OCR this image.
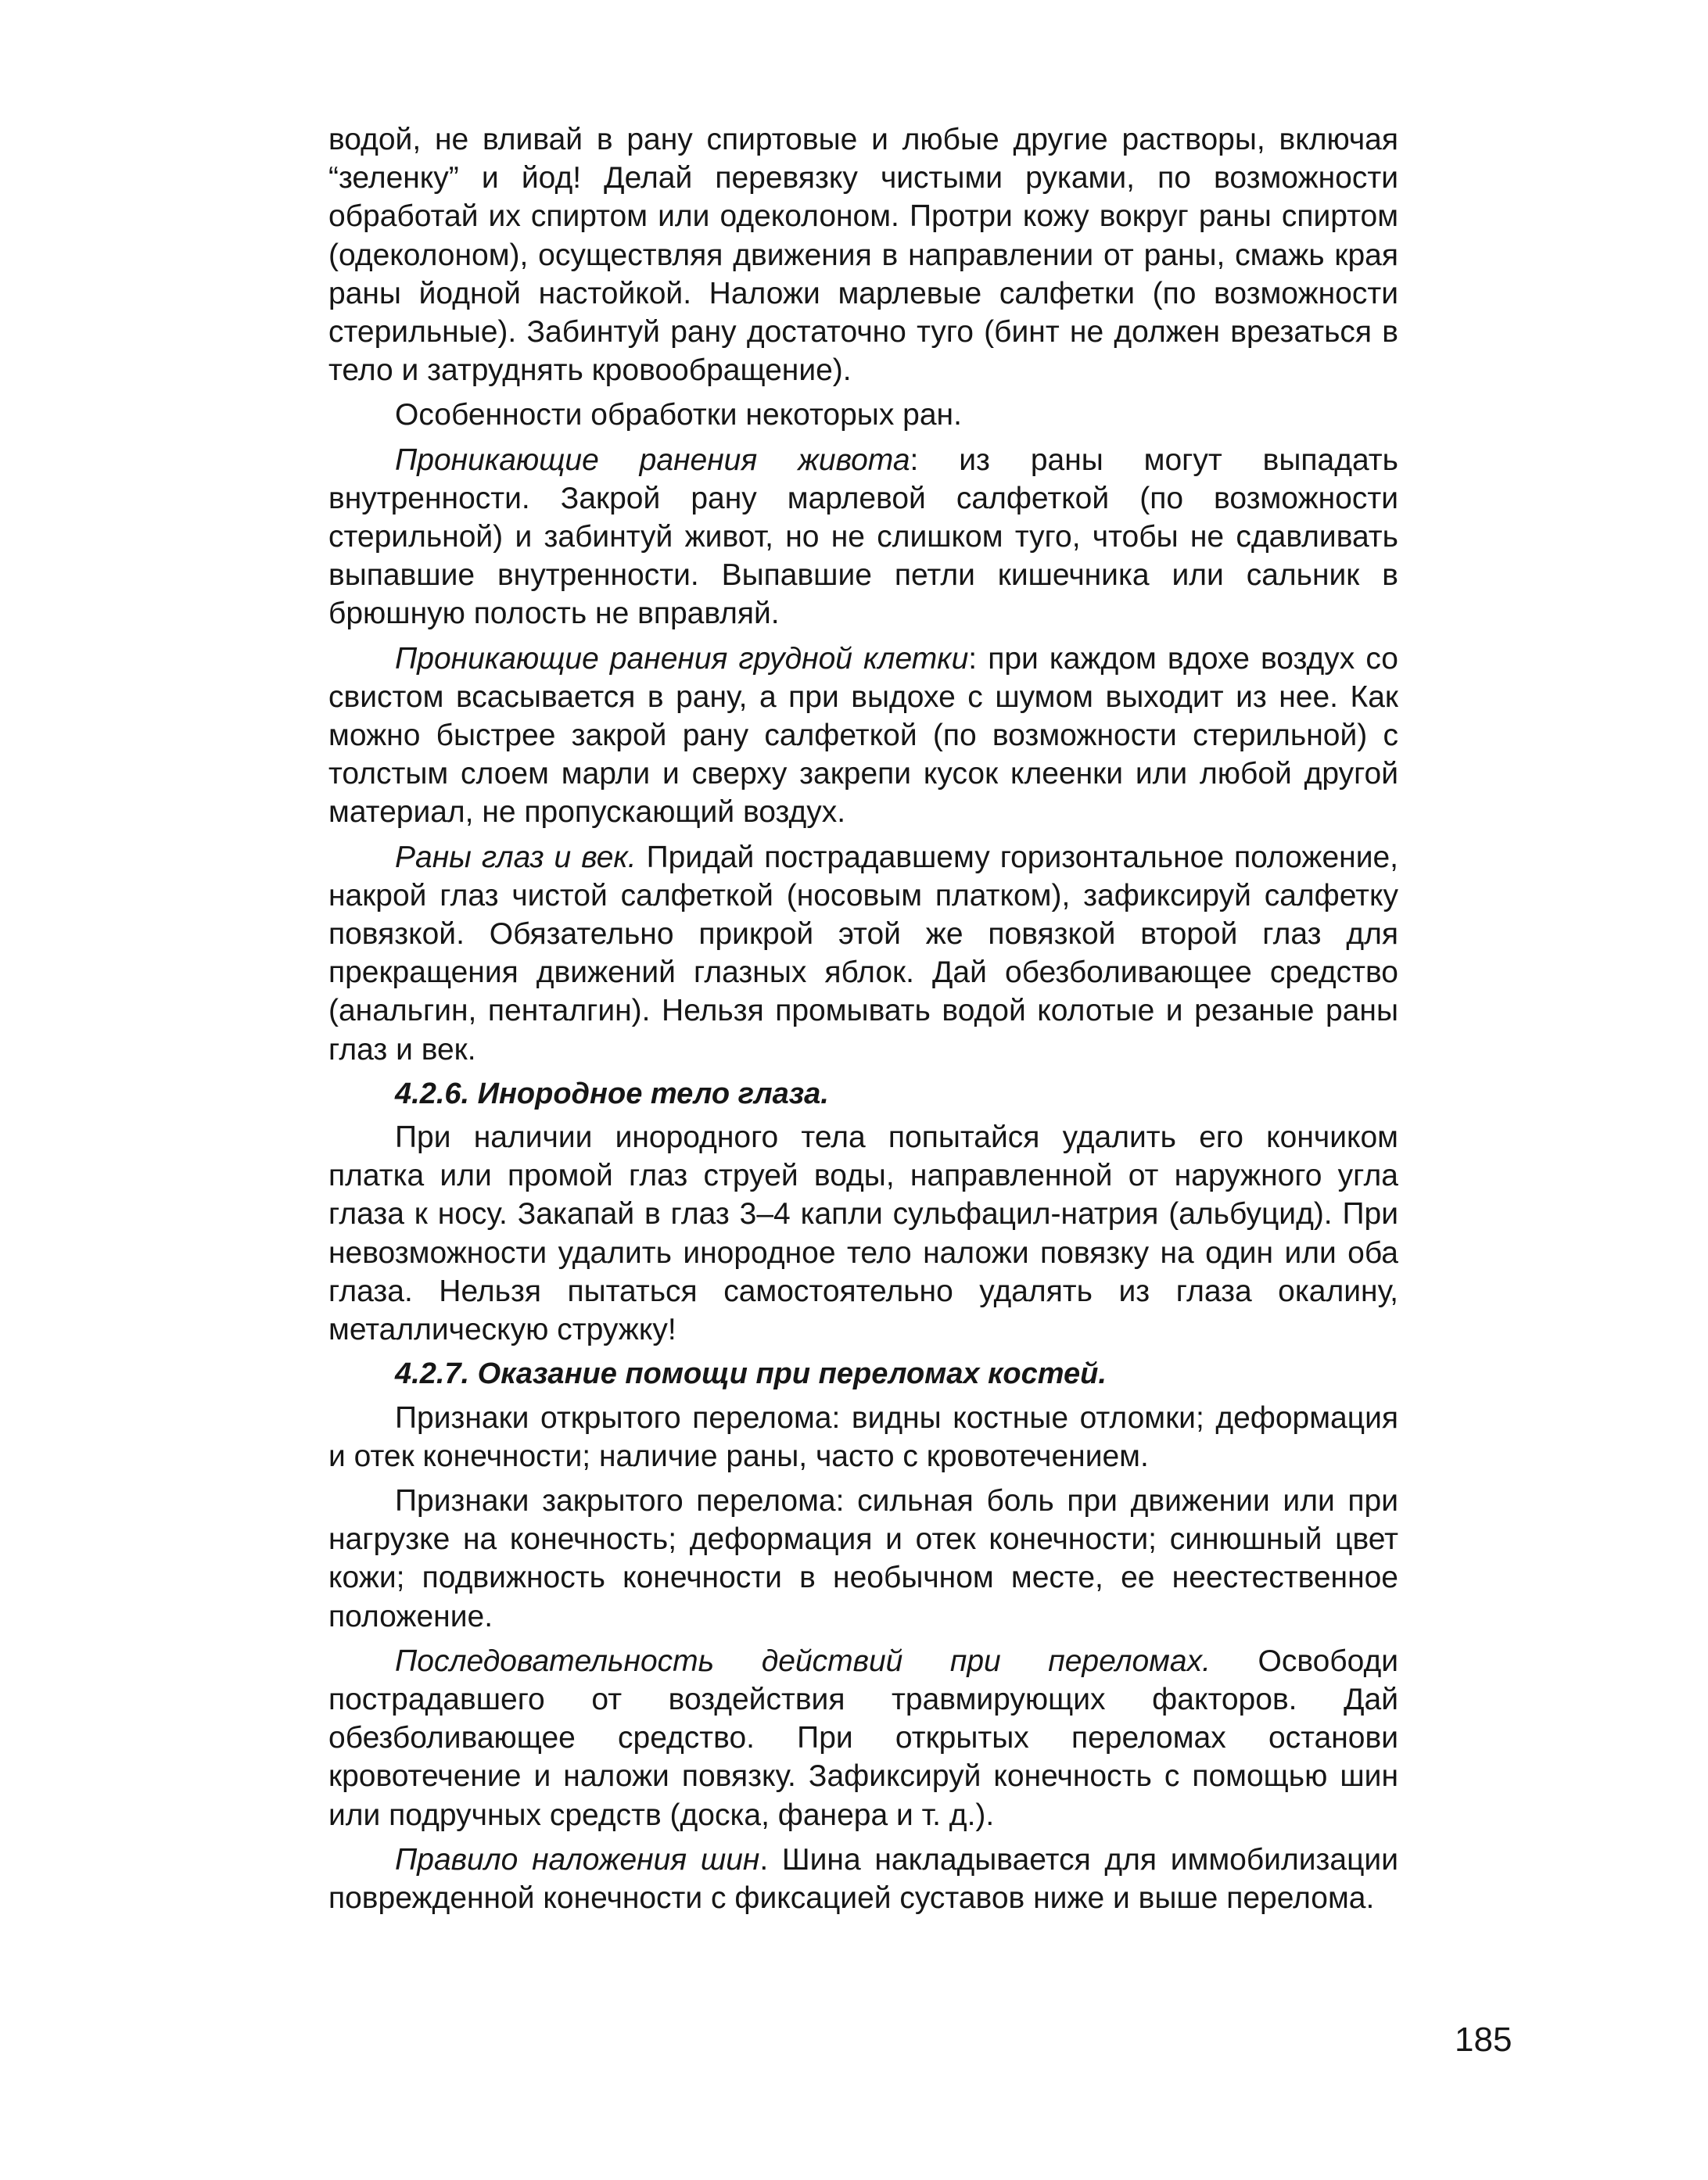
водой, не вливай в рану спиртовые и любые другие растворы, включая “зеленку” и йод! Делай перевязку чистыми руками, по возможности обработай их спиртом или одеколоном. Протри кожу вокруг раны спиртом (одеколоном), осуществляя движения в направлении от раны, смажь края раны йодной настойкой. Наложи марлевые салфетки (по возможности стерильные). Забинтуй рану достаточно туго (бинт не должен врезаться в тело и затруднять кровообращение).

Особенности обработки некоторых ран.

Проникающие ранения живота: из раны могут выпадать внутренности. Закрой рану марлевой салфеткой (по возможности стерильной) и забинтуй живот, но не слишком туго, чтобы не сдавливать выпавшие внутренности. Выпавшие петли кишечника или сальник в брюшную полость не вправляй.

Проникающие ранения грудной клетки: при каждом вдохе воздух со свистом всасывается в рану, а при выдохе с шумом выходит из нее. Как можно быстрее закрой рану салфеткой (по возможности стерильной) с толстым слоем марли и сверху закрепи кусок клеенки или любой другой материал, не пропускающий воздух.

Раны глаз и век. Придай пострадавшему горизонтальное положение, накрой глаз чистой салфеткой (носовым платком), зафиксируй салфетку повязкой. Обязательно прикрой этой же повязкой второй глаз для прекращения движений глазных яблок. Дай обезболивающее средство (анальгин, пенталгин). Нельзя промывать водой колотые и резаные раны глаз и век.

4.2.6. Инородное тело глаза.

При наличии инородного тела попытайся удалить его кончиком платка или промой глаз струей воды, направленной от наружного угла глаза к носу. Закапай в глаз 3–4 капли сульфацил-натрия (альбуцид). При невозможности удалить инородное тело наложи повязку на один или оба глаза. Нельзя пытаться самостоятельно удалять из глаза окалину, металлическую стружку!

4.2.7. Оказание помощи при переломах костей.

Признаки открытого перелома: видны костные отломки; деформация и отек конечности; наличие раны, часто с кровотечением.

Признаки закрытого перелома: сильная боль при движении или при нагрузке на конечность; деформация и отек конечности; синюшный цвет кожи; подвижность конечности в необычном месте, ее неестественное положение.

Последовательность действий при переломах. Освободи пострадавшего от воздействия травмирующих факторов. Дай обезболивающее средство. При открытых переломах останови кровотечение и наложи повязку. Зафиксируй конечность с помощью шин или подручных средств (доска, фанера и т. д.).

Правило наложения шин. Шина накладывается для иммобилизации поврежденной конечности с фиксацией суставов ниже и выше перелома.

185
